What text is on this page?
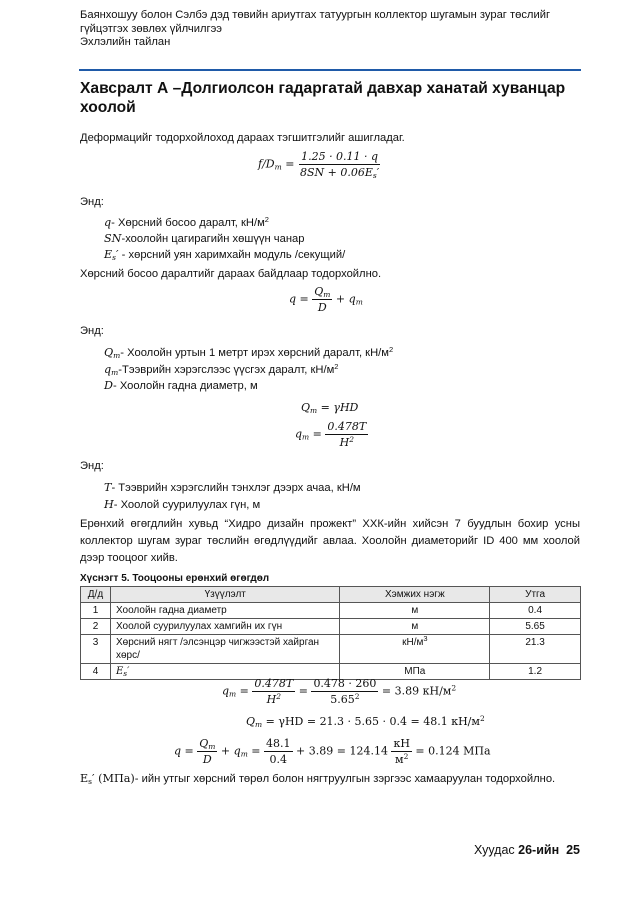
Баянхошуу болон Сэлбэ дэд төвийн ариутгах татуургын коллектор шугамын зураг төслийг
гүйцэтгэх зөвлөх үйлчилгээ
Эхлэлийн тайлан
Хавсралт А –Долгиолсон гадаргатай давхар ханатай хуванцар хоолой
Деформацийг тодорхойлоход дараах тэгшитгэлийг ашигладаг.
$f/D_m = \frac{1.25 \cdot 0.11 \cdot q}{8SN + 0.06E_s'}$
Энд:
q- Хөрсний босоо даралт, $кН/м^2$
SN-хоолойн цагирагийн хөшүүн чанар
$E_s'$ - хөрсний уян харимхайн модуль /секущий/
Хөрсний босоо даралтийг дараах байдлаар тодорхойлно.
$q = \frac{Q_т}{D} + q_т$
Энд:
$Q_т-$ Хоолойн уртын 1 метрт ирэх хөрсний даралт, $кН/м^2$
$q_т$-Тээврийн хэрэгслээс үүсгэх даралт, $кН/м^2$
D- Хоолойн гадна диаметр, м
$Q_т = \gamma HD$
$q_т = \frac{0.478T}{H^2}$
Энд:
T- Тээврийн хэрэгслийн тэнхлэг дээрх ачаа, кН/м
H- Хоолой суурилуулах гүн, м
Ерөнхий өгөгдлийн хувьд “Хидро дизайн прожект” ХХК-ийн хийсэн 7 буудлын бохир усны коллектор шугам зураг төслийн өгөдлүүдийг авлаа. Хоолойн диаметорийг ID 400 мм хоолой дээр тооцоог хийв.
Хүснэгт 5. Тооцооны ерөнхий өгөгдөл
Д/д	Үзүүлэлт	Хэмжих нэгж	Утга
1	Хоолойн гадна диаметр	м	0.4
2	Хоолой суурилуулах хамгийн их гүн	м	5.65
3	Хөрсний нягт /элсэнцэр чигжээстэй хайрган хөрс/	$кН/м^3$	21.3
4	$E_s'$	МПа	1.2
$q_т = \frac{0.478T}{H^2} = \frac{0.478 \cdot 260}{5.65^2} = 3.89$ $кН/м^2$
$Q_т = \gamma HD = 21.3 \cdot 5.65 \cdot 0.4 = 48.1$ $кН/м^2$
$q = \frac{Q_т}{D} + q_т = \frac{48.1}{0.4} + 3.89 = 124.14 \frac{кН}{м^2} = 0.124$ МПа
$E_s'$ (МПа)- ийн утгыг хөрсний төрөл болон нягтруулгын зэргээс хамааруулан тодорхойлно.
Хуудас 26-ийн 25
